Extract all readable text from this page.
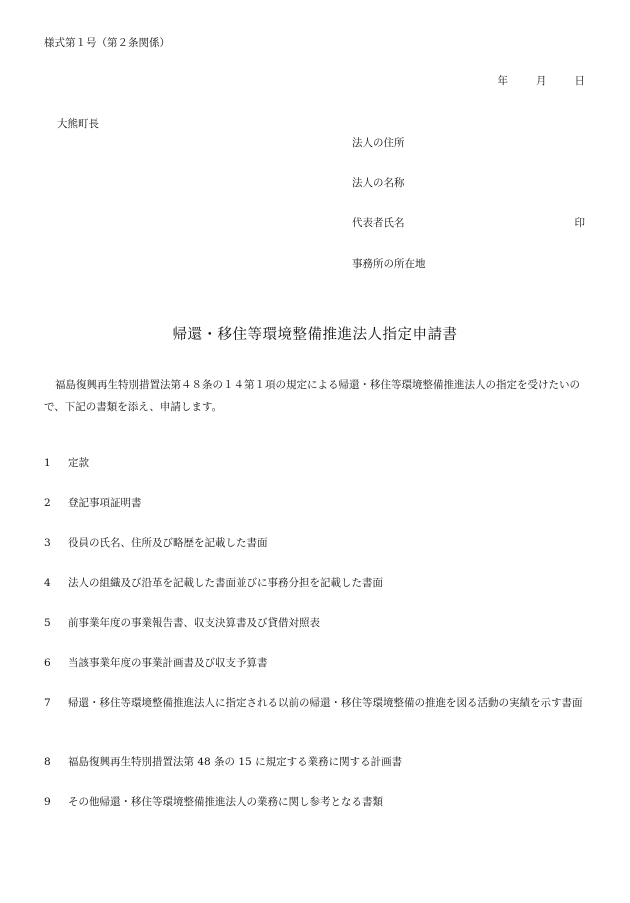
様式第１号（第２条関係）
年	月	日
大熊町長
法人の住所
法人の名称
代表者氏名	印
事務所の所在地
帰還・移住等環境整備推進法人指定申請書
福島復興再生特別措置法第４８条の１４第１項の規定による帰還・移住等環境整備推進法人の指定を受けたいので、下記の書類を添え、申請します。
1	定款
2	登記事項証明書
3	役員の氏名、住所及び略歴を記載した書面
4	法人の組織及び沿革を記載した書面並びに事務分担を記載した書面
5	前事業年度の事業報告書、収支決算書及び貸借対照表
6	当該事業年度の事業計画書及び収支予算書
7	帰還・移住等環境整備推進法人に指定される以前の帰還・移住等環境整備の推進を図る活動の実績を示す書面
8	福島復興再生特別措置法第 48 条の 15 に規定する業務に関する計画書
9	その他帰還・移住等環境整備推進法人の業務に関し参考となる書類
